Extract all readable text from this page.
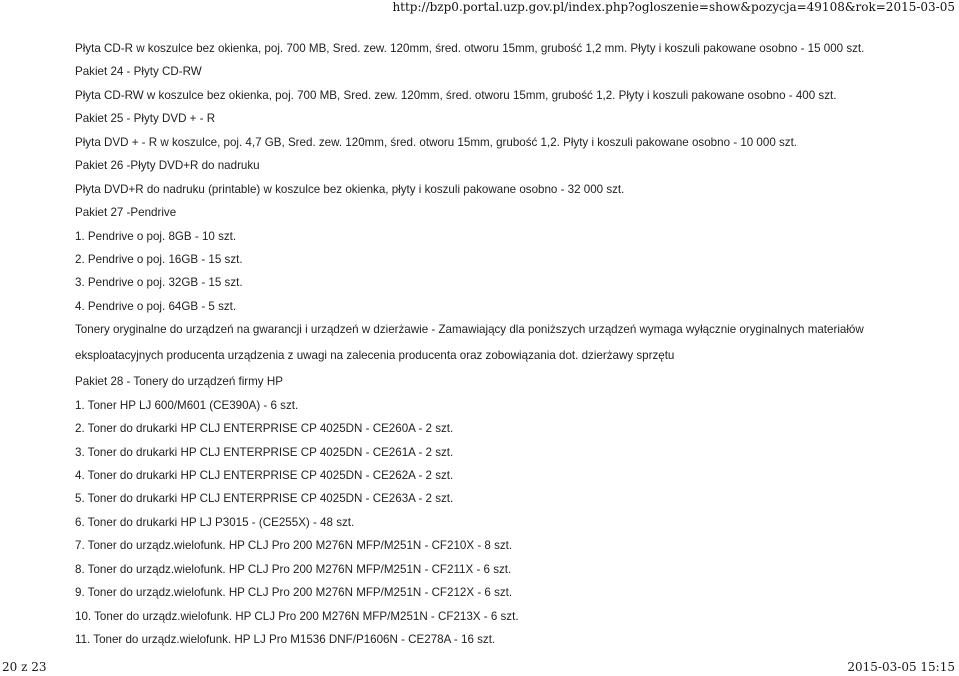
http://bzp0.portal.uzp.gov.pl/index.php?ogloszenie=show&pozycja=49108&rok=2015-03-05
Płyta CD-R w koszulce bez okienka, poj. 700 MB, Sred. zew. 120mm, śred. otworu 15mm, grubość 1,2 mm. Płyty i koszuli pakowane osobno - 15 000 szt.
Pakiet 24 - Płyty CD-RW
Płyta CD-RW w koszulce bez okienka, poj. 700 MB, Sred. zew. 120mm, śred. otworu 15mm, grubość 1,2. Płyty i koszuli pakowane osobno - 400 szt.
Pakiet 25 - Płyty DVD + - R
Płyta DVD + - R w koszulce, poj. 4,7 GB, Sred. zew. 120mm, śred. otworu 15mm, grubość 1,2. Płyty i koszuli pakowane osobno - 10 000 szt.
Pakiet 26 -Płyty DVD+R do nadruku
Płyta DVD+R do nadruku (printable) w koszulce bez okienka, płyty i koszuli pakowane osobno - 32 000 szt.
Pakiet 27 -Pendrive
1. Pendrive o poj. 8GB - 10 szt.
2. Pendrive o poj. 16GB - 15 szt.
3. Pendrive o poj. 32GB - 15 szt.
4. Pendrive o poj. 64GB - 5 szt.
Tonery oryginalne do urządzeń na gwarancji i urządzeń w dzierżawie - Zamawiający dla poniższych urządzeń wymaga wyłącznie oryginalnych materiałów
eksploatacyjnych producenta urządzenia z uwagi na zalecenia producenta oraz zobowiązania dot. dzierżawy sprzętu
Pakiet 28 - Tonery do urządzeń firmy HP
1. Toner HP LJ 600/M601 (CE390A) - 6 szt.
2. Toner do drukarki HP CLJ ENTERPRISE CP 4025DN - CE260A - 2 szt.
3. Toner do drukarki HP CLJ ENTERPRISE CP 4025DN - CE261A - 2 szt.
4. Toner do drukarki HP CLJ ENTERPRISE CP 4025DN - CE262A - 2 szt.
5. Toner do drukarki HP CLJ ENTERPRISE CP 4025DN - CE263A - 2 szt.
6. Toner do drukarki HP LJ P3015 - (CE255X) - 48 szt.
7. Toner do urządz.wielofunk. HP CLJ Pro 200 M276N MFP/M251N - CF210X - 8 szt.
8. Toner do urządz.wielofunk. HP CLJ Pro 200 M276N MFP/M251N - CF211X - 6 szt.
9. Toner do urządz.wielofunk. HP CLJ Pro 200 M276N MFP/M251N - CF212X - 6 szt.
10. Toner do urządz.wielofunk. HP CLJ Pro 200 M276N MFP/M251N - CF213X - 6 szt.
11. Toner do urządz.wielofunk. HP LJ Pro M1536 DNF/P1606N - CE278A - 16 szt.
20 z 23	2015-03-05 15:15
